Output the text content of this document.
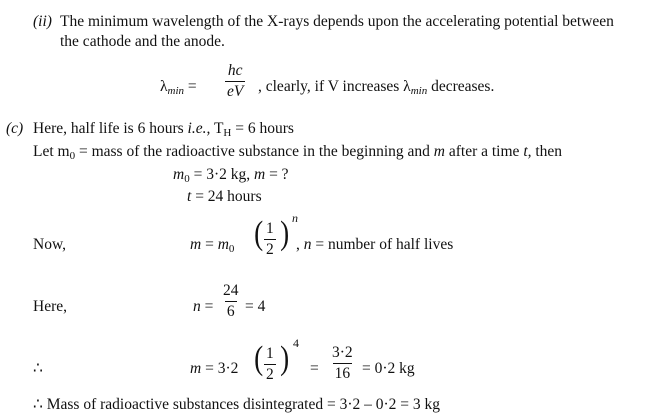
(ii) The minimum wavelength of the X-rays depends upon the accelerating potential between
the cathode and the anode.
$\lambda_{min} = \frac{hc}{eV}$ , clearly, if V increases $\lambda_{min}$ decreases.
(c) Here, half life is 6 hours i.e., $T_H = 6$ hours
Let $m_0$ = mass of the radioactive substance in the beginning and m after a time t, then
$m_0 = 3\cdot 2$ kg, m = ?
t = 24 hours
Now,	$m = m_0$ ( $\frac{1}{2}$ ) n
, n = number of half lives
Here,	$n = \frac{24}{6} = 4$
∴	m = 3·2 ( $\frac{1}{2}$ ) 4
= $\frac{3\cdot 2}{16} = 0\cdot 2$ kg
∴ Mass of radioactive substances disintegrated = 3·2 – 0·2 = 3 kg
